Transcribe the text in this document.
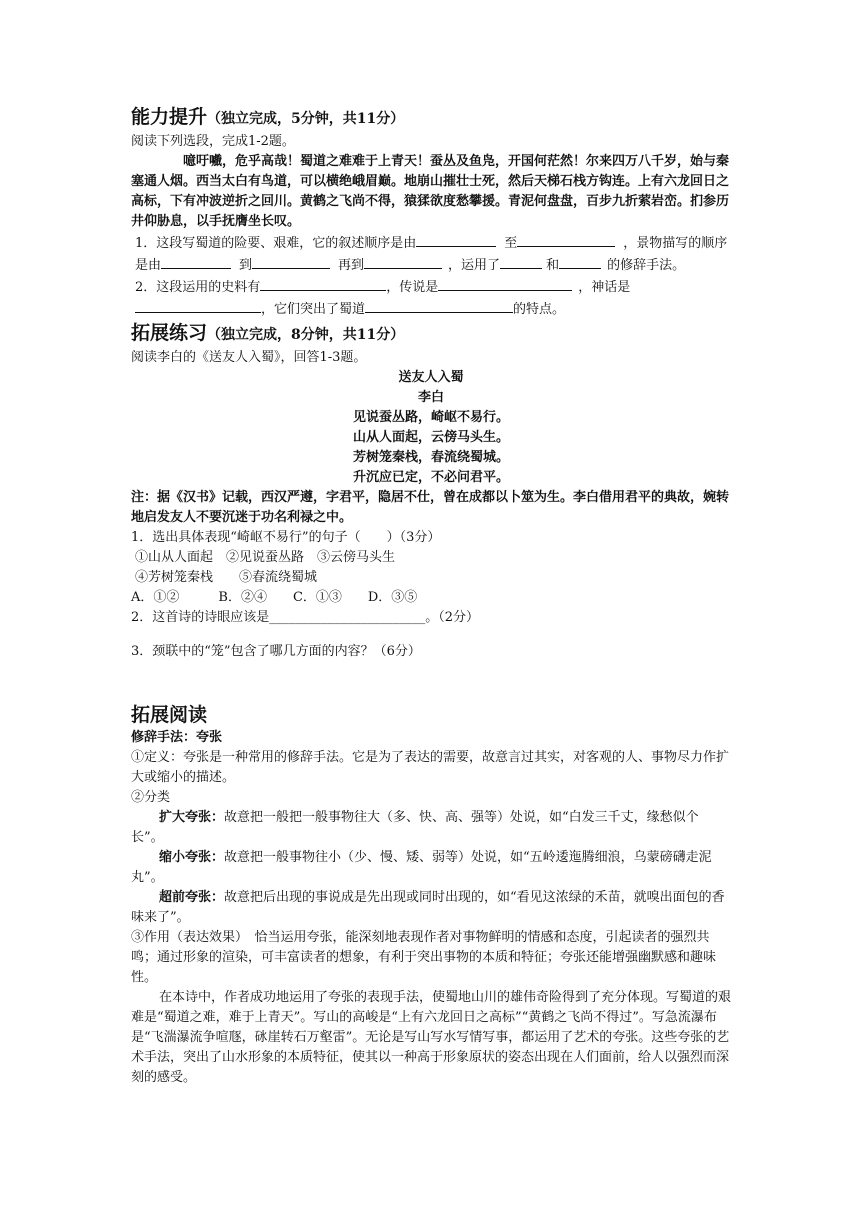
能力提升（独立完成，5分钟，共11分）
阅读下列选段，完成1-2题。
噫吁嚱，危乎高哉！蜀道之难难于上青天！蚕丛及鱼凫，开国何茫然！尔来四万八千岁，始与秦塞通人烟。西当太白有鸟道，可以横绝峨眉巅。地崩山摧壮士死，然后天梯石栈方钩连。上有六龙回日之高标，下有冲波逆折之回川。黄鹤之飞尚不得，猿猱欲度愁攀援。青泥何盘盘，百步九折萦岩峦。扪参历井仰胁息，以手抚膺坐长叹。
1．这段写蜀道的险要、艰难，它的叙述顺序是由	至	，景物描写的顺序是由	到	再到	，运用了	和	的修辞手法。
2．这段运用的史料有	，传说是	，神话是，它们突出了蜀道	的特点。
拓展练习（独立完成，8分钟，共11分）
阅读李白的《送友人入蜀》，回答1-3题。
送友人入蜀
李白
见说蚕丛路，崎岖不易行。
山从人面起，云傍马头生。
芳树笼秦栈，春流绕蜀城。
升沉应已定，不必问君平。
注：据《汉书》记载，西汉严遵，字君平，隐居不仕，曾在成都以卜筮为生。李白借用君平的典故，婉转地启发友人不要沉迷于功名利禄之中。
1．选出具体表现“崎岖不易行”的句子（　　）（3分）
①山从人面起　②见说蚕丛路　③云傍马头生
④芳树笼秦栈　　⑤春流绕蜀城
A．①②　　　B．②④　　C．①③　　D．③⑤
2．这首诗的诗眼应该是________________________。（2分）
3．颈联中的“笼”包含了哪几方面的内容？（6分）
拓展阅读
修辞手法：夸张
①定义：夸张是一种常用的修辞手法。它是为了表达的需要，故意言过其实，对客观的人、事物尽力作扩大或缩小的描述。
②分类
扩大夸张：故意把一般把一般事物往大（多、快、高、强等）处说，如“白发三千丈，缘愁似个长”。
缩小夸张：故意把一般事物往小（少、慢、矮、弱等）处说，如“五岭逶迤腾细浪，乌蒙磅礴走泥丸”。
超前夸张：故意把后出现的事说成是先出现或同时出现的，如“看见这浓绿的禾苗，就嗅出面包的香味来了”。
③作用（表达效果）　恰当运用夸张，能深刻地表现作者对事物鲜明的情感和态度，引起读者的强烈共鸣；通过形象的渲染，可丰富读者的想象，有利于突出事物的本质和特征；夸张还能增强幽默感和趣味性。
在本诗中，作者成功地运用了夸张的表现手法，使蜀地山川的雄伟奇险得到了充分体现。写蜀道的艰难是“蜀道之难，难于上青天”。写山的高峻是“上有六龙回日之高标”“黄鹤之飞尚不得过”。写急流瀑布是“飞湍瀑流争喧豗，砯崖转石万壑雷”。无论是写山写水写情写事，都运用了艺术的夸张。这些夸张的艺术手法，突出了山水形象的本质特征，使其以一种高于形象原状的姿态出现在人们面前，给人以强烈而深刻的感受。
